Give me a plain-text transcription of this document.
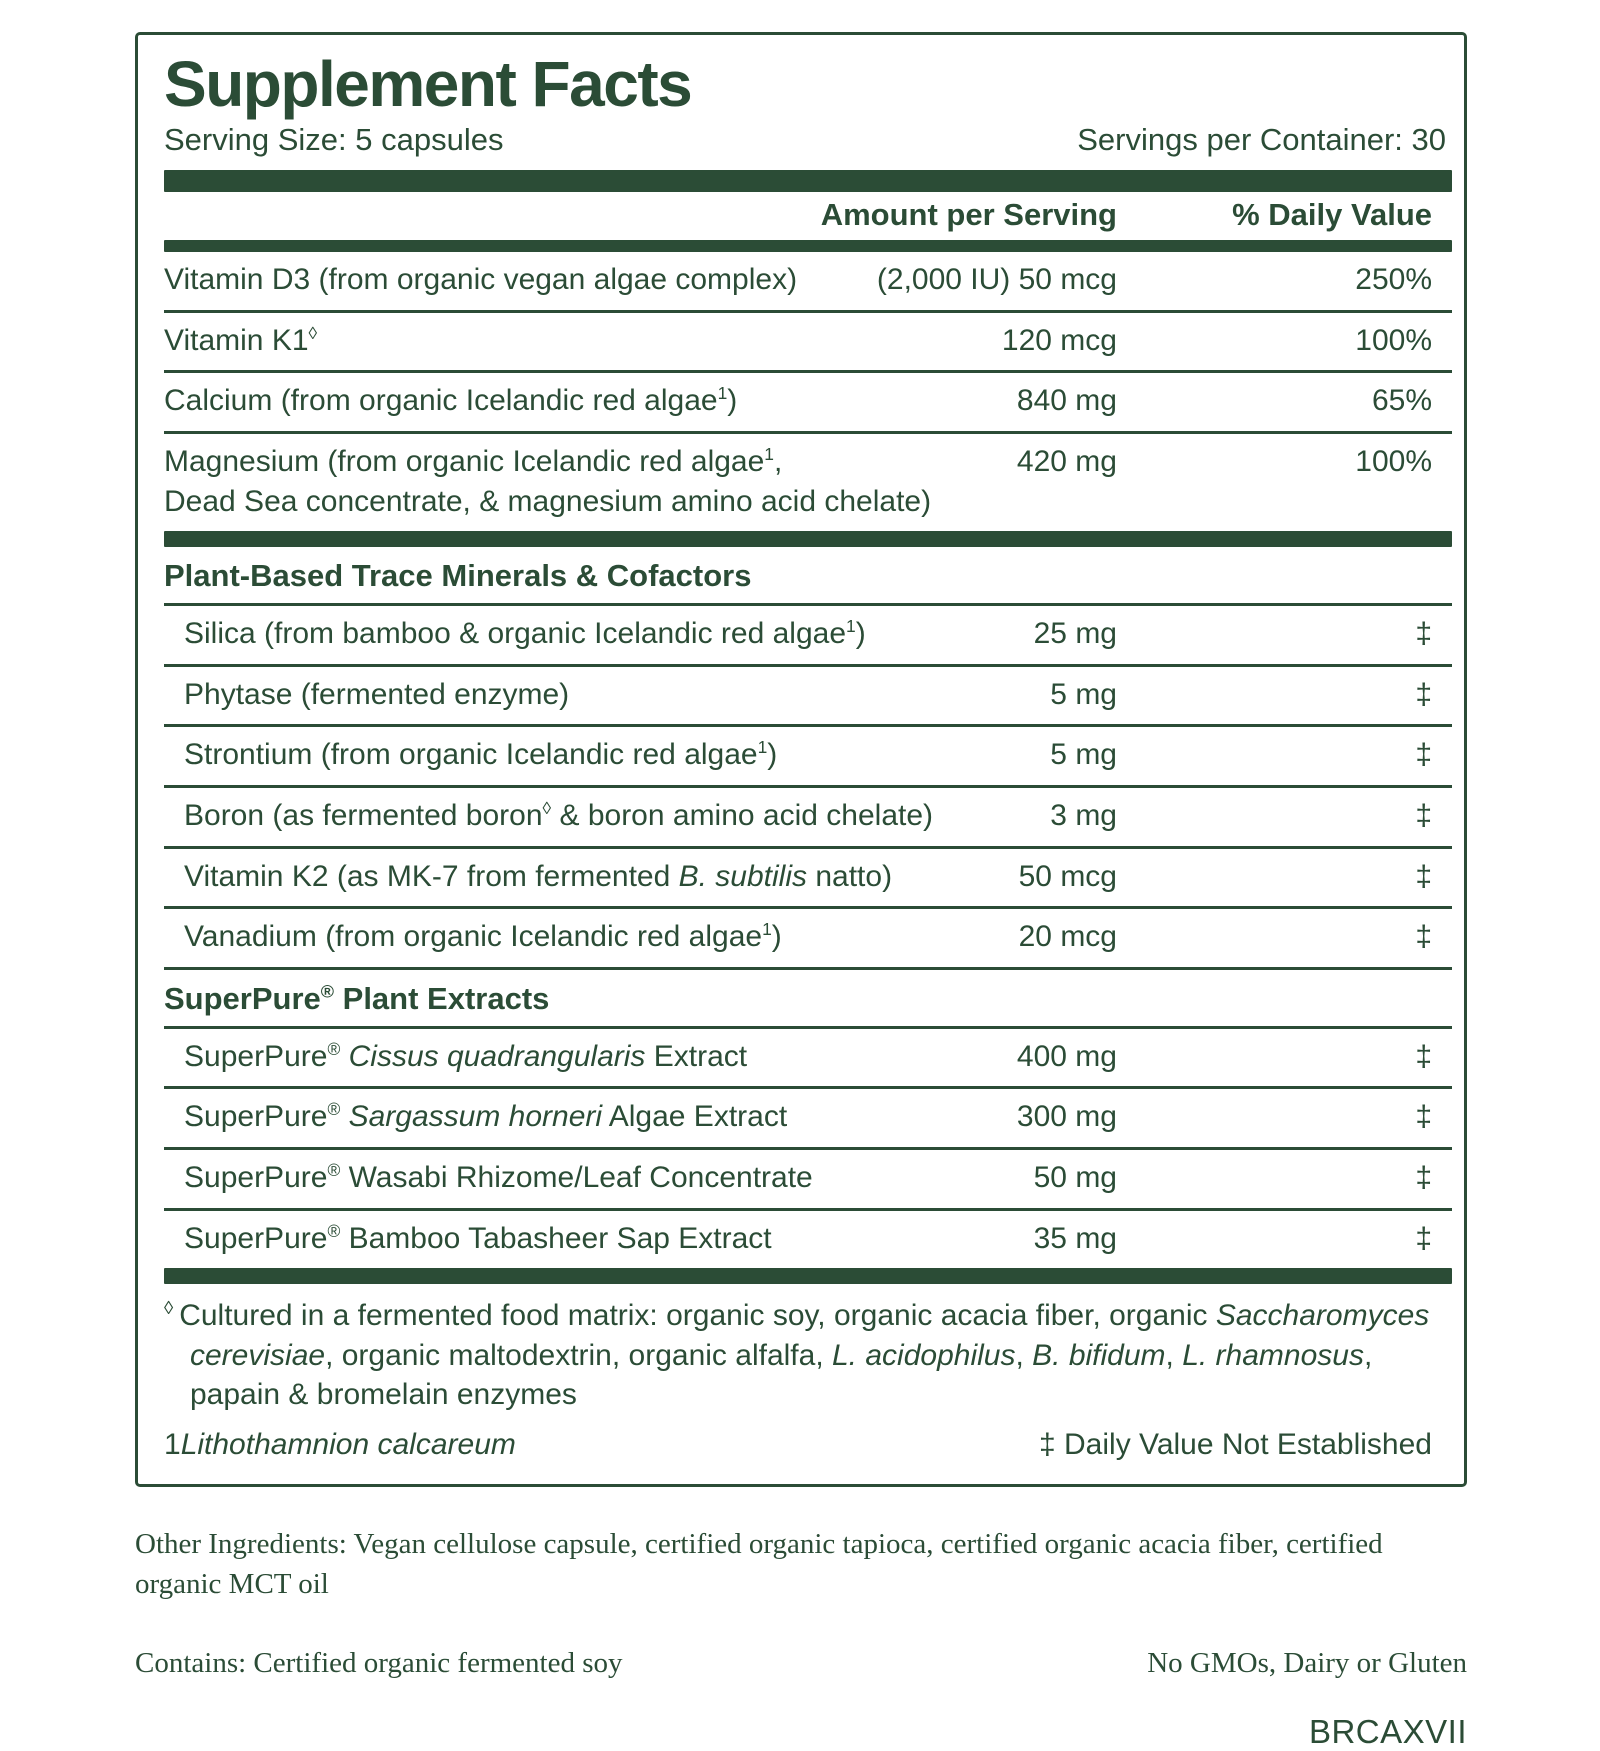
Supplement Facts
Serving Size: 5 capsules	Servings per Container: 30
Amount per Serving	% Daily Value
Vitamin D3 (from organic vegan algae complex)	(2,000 IU) 50 mcg	250%
Vitamin K1◊	120 mcg	100%
Calcium (from organic Icelandic red algae$^1$)	840 mg	65%
Magnesium (from organic Icelandic red algae$^1$,
Dead Sea concentrate, & magnesium amino acid chelate)
420 mg	100%
Plant-Based Trace Minerals & Cofactors
Silica (from bamboo & organic Icelandic red algae$^1$)	25 mg	‡
Phytase (fermented enzyme)	5 mg	‡
Strontium (from organic Icelandic red algae$^1$)	5 mg	‡
Boron (as fermented boron◊ & boron amino acid chelate)	3 mg	‡
Vitamin K2 (as MK-7 from fermented B. subtilis natto)	50 mcg	‡
Vanadium (from organic Icelandic red algae$^1$)	20 mcg	‡
SuperPure® Plant Extracts
SuperPure® Cissus quadrangularis Extract	400 mg	‡
SuperPure® Sargassum horneri Algae Extract	300 mg	‡
SuperPure® Wasabi Rhizome/Leaf Concentrate	50 mg	‡
SuperPure® Bamboo Tabasheer Sap Extract	35 mg	‡
◊ Cultured in a fermented food matrix: organic soy, organic acacia fiber, organic Saccharomyces cerevisiae, organic maltodextrin, organic alfalfa, L. acidophilus, B. bifidum, L. rhamnosus, papain & bromelain enzymes
1Lithothamnion calcareum	‡ Daily Value Not Established
Other Ingredients: Vegan cellulose capsule, certified organic tapioca, certified organic acacia fiber, certified organic MCT oil
Contains: Certified organic fermented soy	No GMOs, Dairy or Gluten
BRCAXVII
